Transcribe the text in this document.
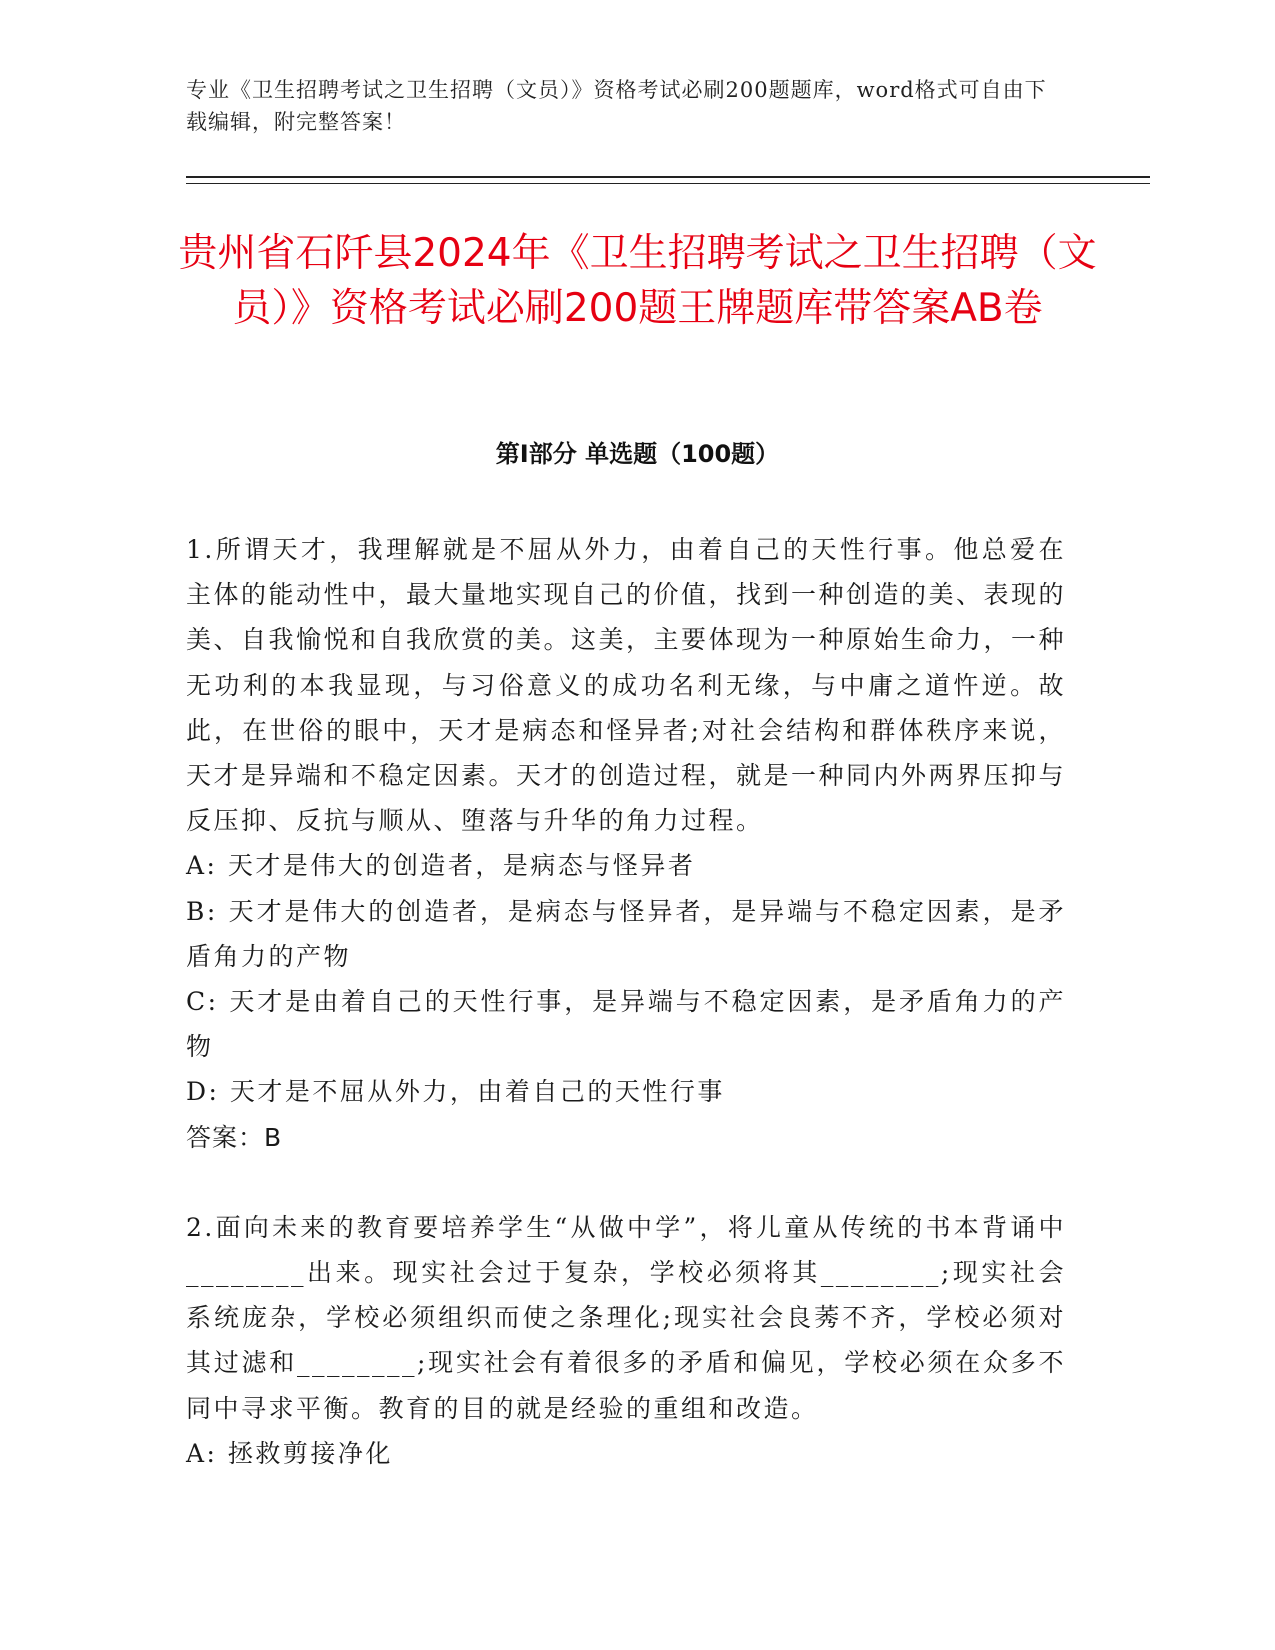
专业《卫生招聘考试之卫生招聘（文员）》资格考试必刷200题题库，word格式可自由下载编辑，附完整答案！
贵州省石阡县2024年《卫生招聘考试之卫生招聘（文员）》资格考试必刷200题王牌题库带答案AB卷
第Ⅰ部分 单选题（100题）

1.所谓天才，我理解就是不屈从外力，由着自己的天性行事。他总爱在主体的能动性中，最大量地实现自己的价值，找到一种创造的美、表现的美、自我愉悦和自我欣赏的美。这美，主要体现为一种原始生命力，一种无功利的本我显现，与习俗意义的成功名利无缘，与中庸之道忤逆。故此，在世俗的眼中，天才是病态和怪异者;对社会结构和群体秩序来说，天才是异端和不稳定因素。天才的创造过程，就是一种同内外两界压抑与反压抑、反抗与顺从、堕落与升华的角力过程。

A: 天才是伟大的创造者，是病态与怪异者

B: 天才是伟大的创造者，是病态与怪异者，是异端与不稳定因素，是矛盾角力的产物

C: 天才是由着自己的天性行事，是异端与不稳定因素，是矛盾角力的产物

D: 天才是不屈从外力，由着自己的天性行事

答案：B

2.面向未来的教育要培养学生“从做中学”，将儿童从传统的书本背诵中________出来。现实社会过于复杂，学校必须将其________;现实社会系统庞杂，学校必须组织而使之条理化;现实社会良莠不齐，学校必须对其过滤和________;现实社会有着很多的矛盾和偏见，学校必须在众多不同中寻求平衡。教育的目的就是经验的重组和改造。

A: 拯救剪接净化
